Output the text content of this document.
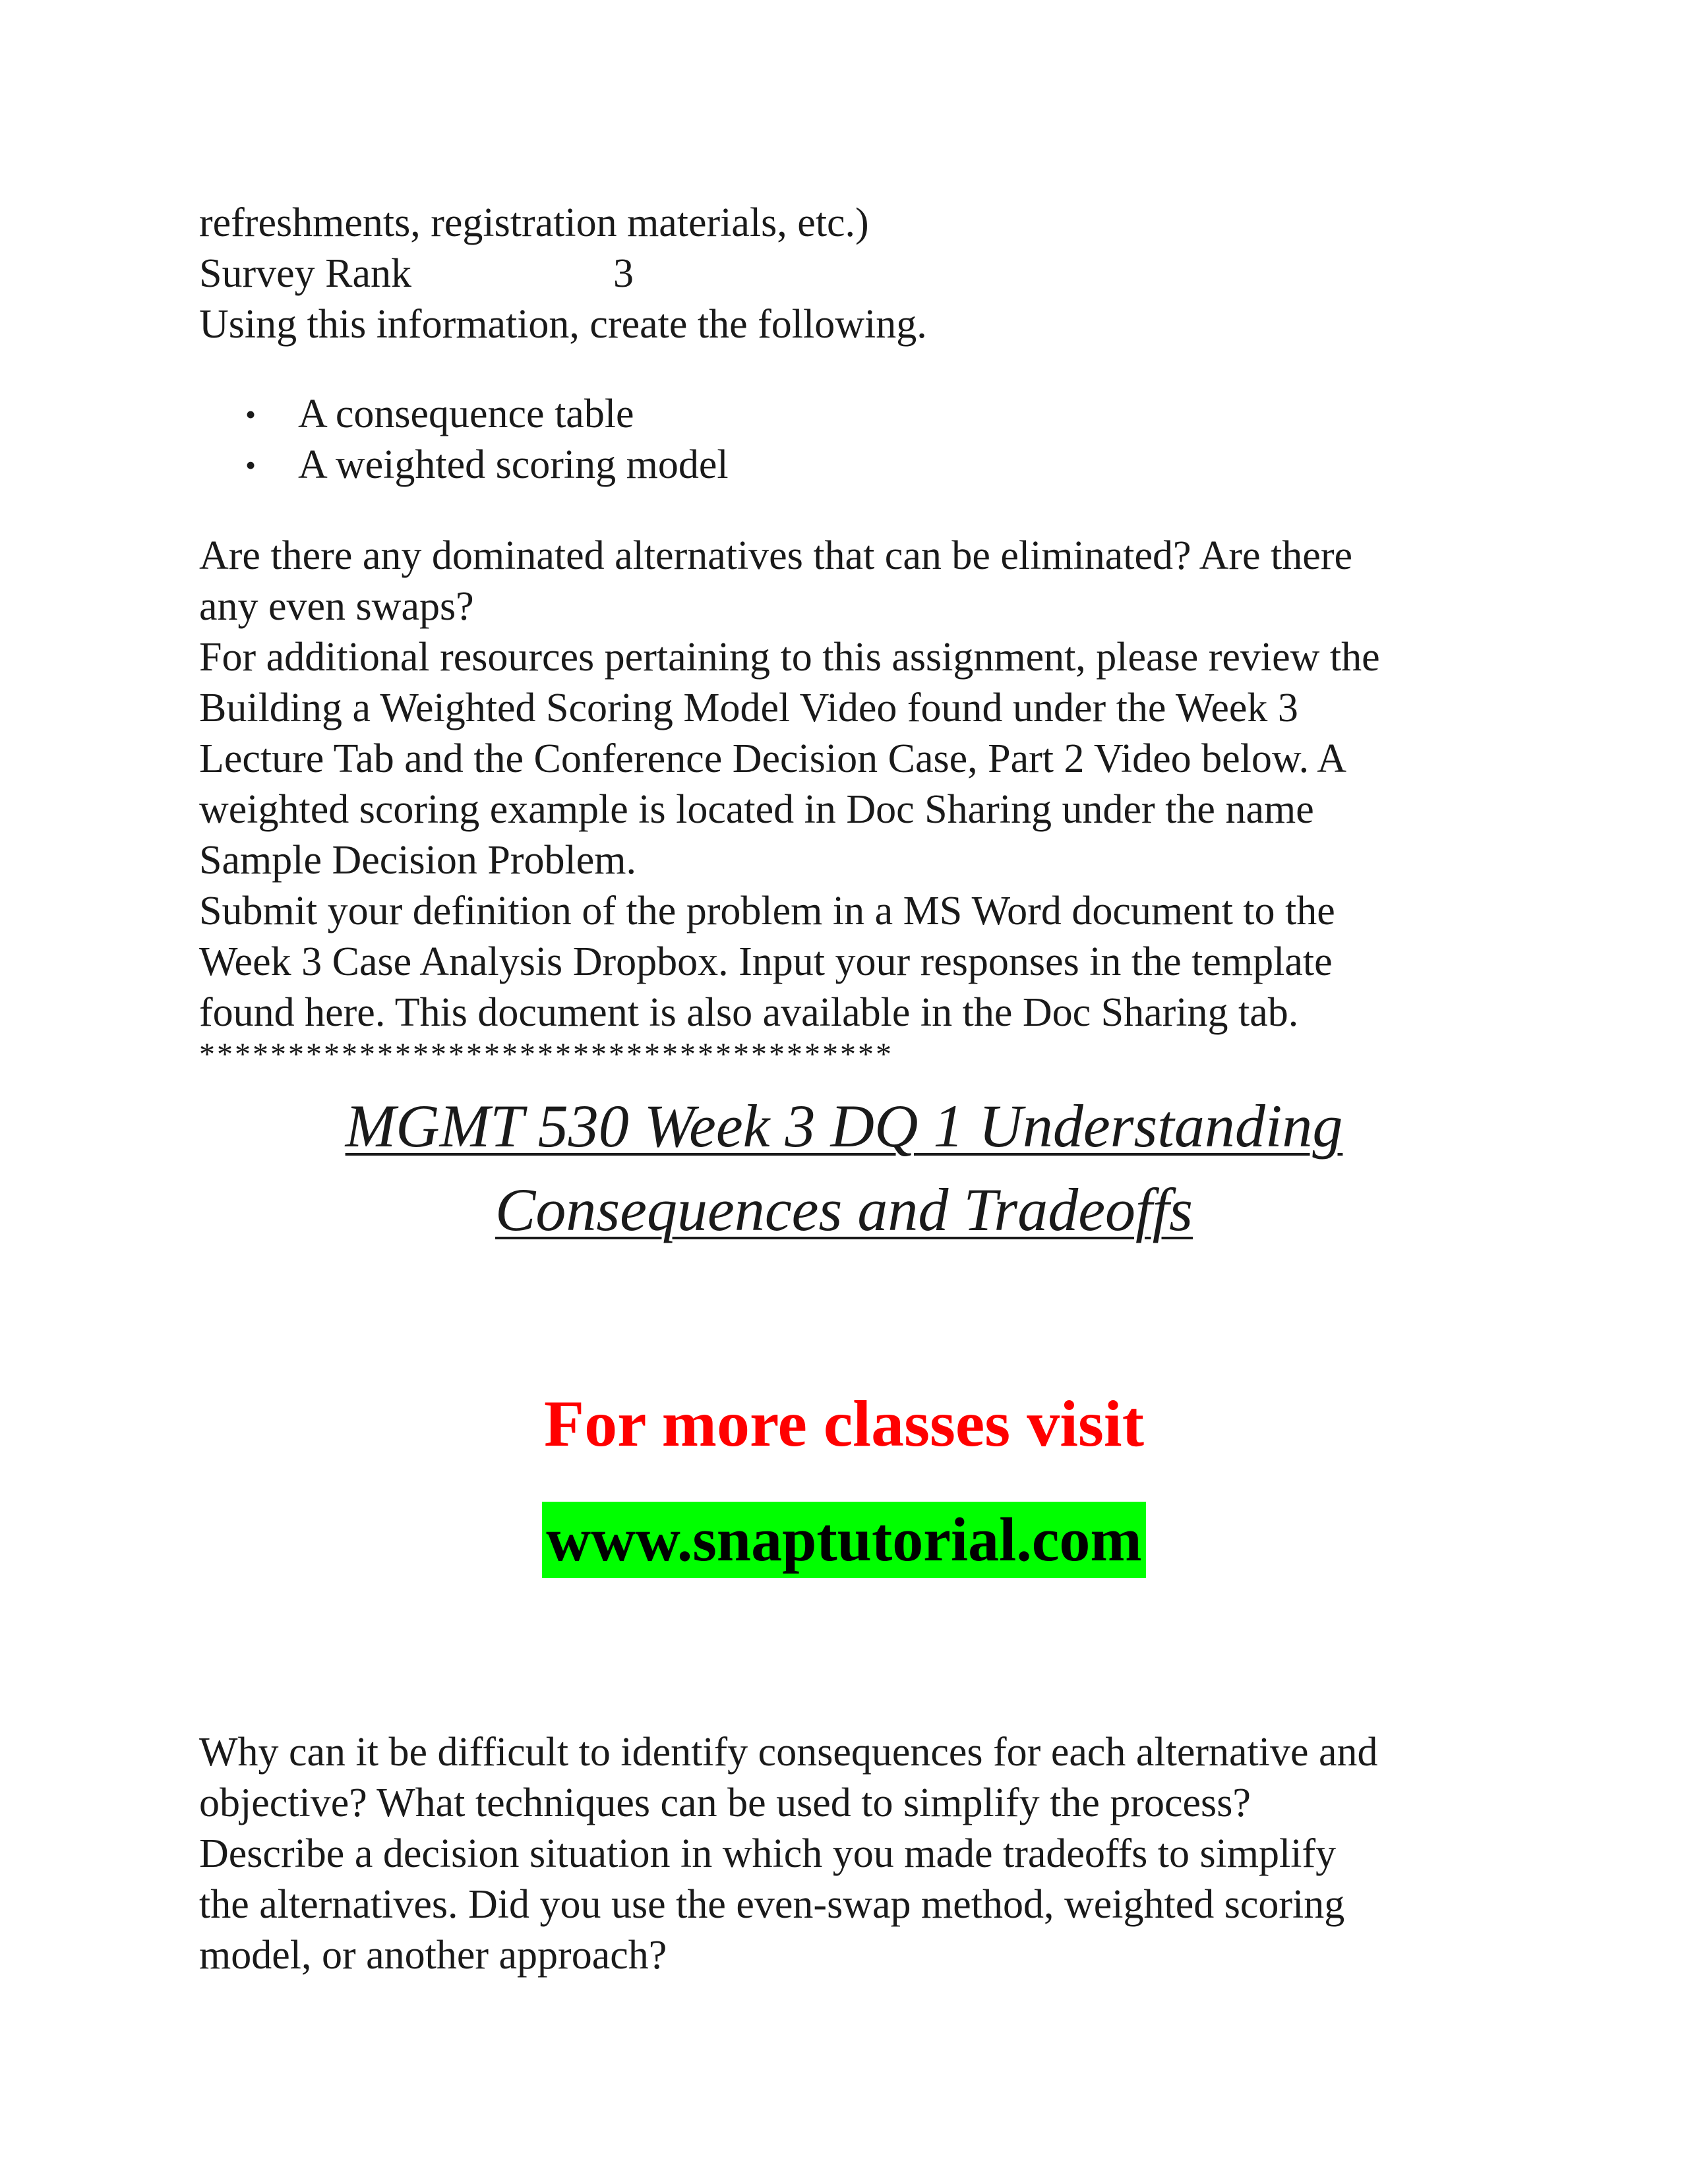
refreshments, registration materials, etc.)
Survey Rank	3
Using this information, create the following.
• A consequence table
• A weighted scoring model
Are there any dominated alternatives that can be eliminated? Are there
any even swaps?
For additional resources pertaining to this assignment, please review the
Building a Weighted Scoring Model Video found under the Week 3
Lecture Tab and the Conference Decision Case, Part 2 Video below. A
weighted scoring example is located in Doc Sharing under the name
Sample Decision Problem.
Submit your definition of the problem in a MS Word document to the
Week 3 Case Analysis Dropbox. Input your responses in the template
found here. This document is also available in the Doc Sharing tab.
***************************************
MGMT 530 Week 3 DQ 1 Understanding
Consequences and Tradeoffs
For more classes visit
www.snaptutorial.com
Why can it be difficult to identify consequences for each alternative and
objective? What techniques can be used to simplify the process?
Describe a decision situation in which you made tradeoffs to simplify
the alternatives. Did you use the even-swap method, weighted scoring
model, or another approach?
